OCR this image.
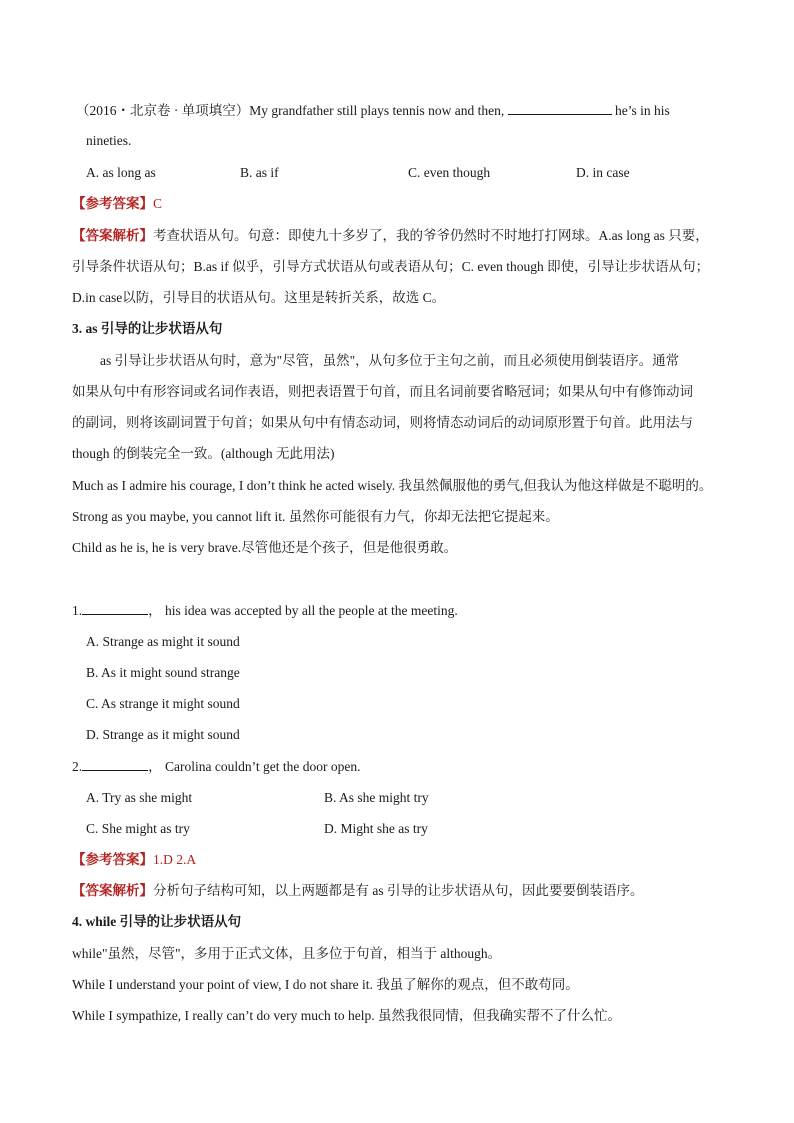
（2016・北京卷 · 单项填空）My grandfather still plays tennis now and then,	he’s in his
nineties.
A. as long as	B. as if	C. even though	D. in case
【参考答案】C
【答案解析】考查状语从句。句意：即使九十多岁了，我的爷爷仍然时不时地打打网球。A.as long as 只要，
引导条件状语从句；B.as if 似乎，引导方式状语从句或表语从句；C. even though 即使，引导让步状语从句；
D.in case以防，引导目的状语从句。这里是转折关系，故选 C。
3. as 引导的让步状语从句
as 引导让步状语从句时，意为"尽管，虽然"，从句多位于主句之前，而且必须使用倒装语序。通常
如果从句中有形容词或名词作表语，则把表语置于句首，而且名词前要省略冠词；如果从句中有修饰动词
的副词，则将该副词置于句首；如果从句中有情态动词，则将情态动词后的动词原形置于句首。此用法与
though 的倒装完全一致。(although 无此用法)
Much as I admire his courage, I don’t think he acted wisely. 我虽然佩服他的勇气,但我认为他这样做是不聪明的。
Strong as you maybe, you cannot lift it. 虽然你可能很有力气，你却无法把它提起来。
Child as he is, he is very brave.尽管他还是个孩子，但是他很勇敢。
1.	， his idea was accepted by all the people at the meeting.
A. Strange as might it sound
B. As it might sound strange
C. As strange it might sound
D. Strange as it might sound
2.	， Carolina couldn’t get the door open.
A. Try as she might	B. As she might try
C. She might as try	D. Might she as try
【参考答案】1.D 2.A
【答案解析】分析句子结构可知，以上两题都是有 as 引导的让步状语从句，因此要要倒装语序。
4. while 引导的让步状语从句
while"虽然，尽管"，多用于正式文体，且多位于句首，相当于 although。
While I understand your point of view, I do not share it. 我虽了解你的观点，但不敢苟同。
While I sympathize, I really can’t do very much to help. 虽然我很同情，但我确实帮不了什么忙。
